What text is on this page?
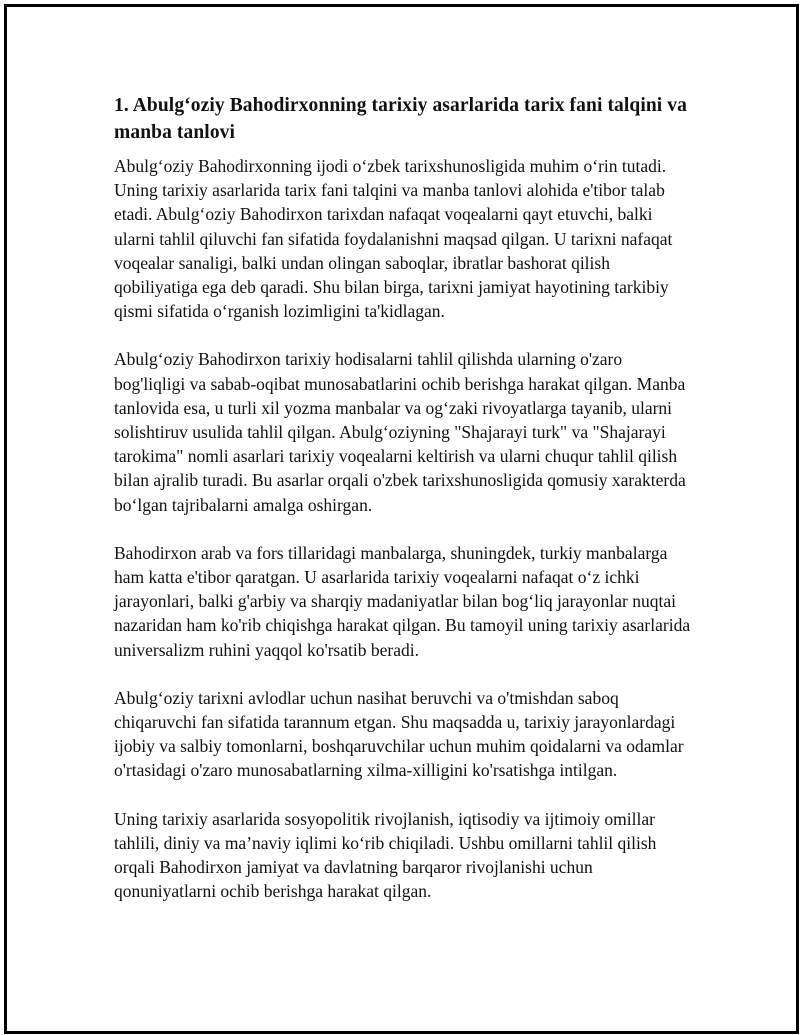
1. Abulg‘oziy Bahodirxonning tarixiy asarlarida tarix fani talqini va manba tanlovi

Abulg‘oziy Bahodirxonning ijodi o‘zbek tarixshunosligida muhim o‘rin tutadi. Uning tarixiy asarlarida tarix fani talqini va manba tanlovi alohida e'tibor talab etadi. Abulg‘oziy Bahodirxon tarixdan nafaqat voqealarni qayt etuvchi, balki ularni tahlil qiluvchi fan sifatida foydalanishni maqsad qilgan. U tarixni nafaqat voqealar sanaligi, balki undan olingan saboqlar, ibratlar bashorat qilish qobiliyatiga ega deb qaradi. Shu bilan birga, tarixni jamiyat hayotining tarkibiy qismi sifatida o‘rganish lozimligini ta'kidlagan.

Abulg‘oziy Bahodirxon tarixiy hodisalarni tahlil qilishda ularning o'zaro bog'liqligi va sabab-oqibat munosabatlarini ochib berishga harakat qilgan. Manba tanlovida esa, u turli xil yozma manbalar va og‘zaki rivoyatlarga tayanib, ularni solishtiruv usulida tahlil qilgan. Abulg‘oziyning "Shajarayi turk" va "Shajarayi tarokima" nomli asarlari tarixiy voqealarni keltirish va ularni chuqur tahlil qilish bilan ajralib turadi. Bu asarlar orqali o'zbek tarixshunosligida qomusiy xarakterda bo‘lgan tajribalarni amalga oshirgan.

Bahodirxon arab va fors tillaridagi manbalarga, shuningdek, turkiy manbalarga ham katta e'tibor qaratgan. U asarlarida tarixiy voqealarni nafaqat o‘z ichki jarayonlari, balki g'arbiy va sharqiy madaniyatlar bilan bog‘liq jarayonlar nuqtai nazaridan ham ko'rib chiqishga harakat qilgan. Bu tamoyil uning tarixiy asarlarida universalizm ruhini yaqqol ko'rsatib beradi.

Abulg‘oziy tarixni avlodlar uchun nasihat beruvchi va o'tmishdan saboq chiqaruvchi fan sifatida tarannum etgan. Shu maqsadda u, tarixiy jarayonlardagi ijobiy va salbiy tomonlarni, boshqaruvchilar uchun muhim qoidalarni va odamlar o'rtasidagi o'zaro munosabatlarning xilma-xilligini ko'rsatishga intilgan.

Uning tarixiy asarlarida sosyopolitik rivojlanish, iqtisodiy va ijtimoiy omillar tahlili, diniy va ma’naviy iqlimi ko‘rib chiqiladi. Ushbu omillarni tahlil qilish orqali Bahodirxon jamiyat va davlatning barqaror rivojlanishi uchun qonuniyatlarni ochib berishga harakat qilgan.
